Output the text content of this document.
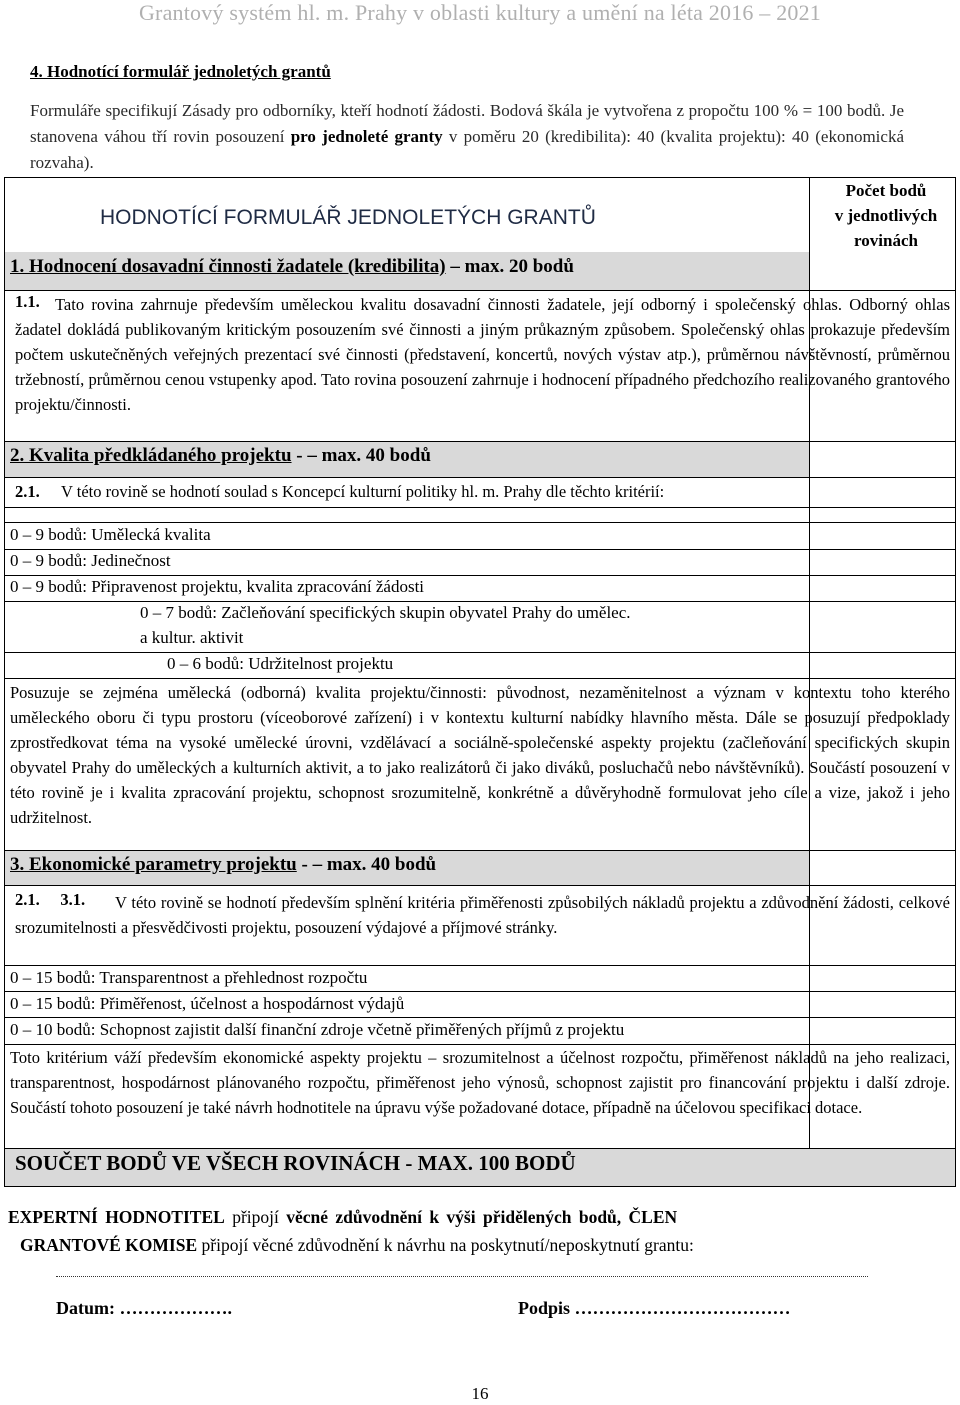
Grantový systém hl. m. Prahy v oblasti kultury a umění na léta 2016 – 2021
4. Hodnotící formulář jednoletých grantů
Formuláře specifikují Zásady pro odborníky, kteří hodnotí žádosti. Bodová škála je vytvořena z propočtu 100 % = 100 bodů. Je stanovena váhou tří rovin posouzení pro jednoleté granty v poměru 20 (kredibilita): 40 (kvalita projektu): 40 (ekonomická rozvaha).
HODNOTÍCÍ FORMULÁŘ JEDNOLETÝCH GRANTŮ
Počet bodů
v jednotlivých
rovinách
1. Hodnocení dosavadní činnosti žadatele (kredibilita) – max. 20 bodů
1.1. Tato rovina zahrnuje především uměleckou kvalitu dosavadní činnosti žadatele, její odborný i společenský ohlas. Odborný ohlas žadatel dokládá publikovaným kritickým posouzením své činnosti a jiným průkazným způsobem. Společenský ohlas prokazuje především počtem uskutečněných veřejných prezentací své činnosti (představení, koncertů, nových výstav atp.), průměrnou návštěvností, průměrnou tržebností, průměrnou cenou vstupenky apod. Tato rovina posouzení zahrnuje i hodnocení případného předchozího realizovaného grantového projektu/činnosti.
2. Kvalita předkládaného projektu - – max. 40 bodů
2.1. V této rovině se hodnotí soulad s Koncepcí kulturní politiky hl. m. Prahy dle těchto kritérií:
0 – 9 bodů: Umělecká kvalita
0 – 9 bodů: Jedinečnost
0 – 9 bodů: Připravenost projektu, kvalita zpracování žádosti
0 – 7 bodů: Začleňování specifických skupin obyvatel Prahy do umělec.
a kultur. aktivit
0 – 6 bodů: Udržitelnost projektu
Posuzuje se zejména umělecká (odborná) kvalita projektu/činnosti: původnost, nezaměnitelnost a význam v kontextu toho kterého uměleckého oboru či typu prostoru (víceoborové zařízení) i v kontextu kulturní nabídky hlavního města. Dále se posuzují předpoklady zprostředkovat téma na vysoké umělecké úrovni, vzdělávací a sociálně-společenské aspekty projektu (začleňování specifických skupin obyvatel Prahy do uměleckých a kulturních aktivit, a to jako realizátorů či jako diváků, posluchačů nebo návštěvníků). Součástí posouzení v této rovině je i kvalita zpracování projektu, schopnost srozumitelně, konkrétně a důvěryhodně formulovat jeho cíle a vize, jakož i jeho udržitelnost.
3. Ekonomické parametry projektu - – max. 40 bodů
2.1.     3.1.	V této rovině se hodnotí především splnění kritéria přiměřenosti způsobilých nákladů projektu a zdůvodnění žádosti, celkové srozumitelnosti a přesvědčivosti projektu, posouzení výdajové a příjmové stránky.
0 – 15 bodů: Transparentnost a přehlednost rozpočtu
0 – 15 bodů: Přiměřenost, účelnost a hospodárnost výdajů
0 – 10 bodů: Schopnost zajistit další finanční zdroje včetně přiměřených příjmů z projektu
Toto kritérium váží především ekonomické aspekty projektu – srozumitelnost a účelnost rozpočtu, přiměřenost nákladů na jeho realizaci, transparentnost, hospodárnost plánovaného rozpočtu, přiměřenost jeho výnosů, schopnost zajistit pro financování projektu i další zdroje. Součástí tohoto posouzení je také návrh hodnotitele na úpravu výše požadované dotace, případně na účelovou specifikaci dotace.
SOUČET BODŮ VE VŠECH ROVINÁCH - MAX. 100 BODŮ
EXPERTNÍ HODNOTITEL připojí věcné zdůvodnění k výši přidělených bodů, ČLEN
GRANTOVÉ KOMISE připojí věcné zdůvodnění k návrhu na poskytnutí/neposkytnutí grantu:
Datum: ……………….	Podpis ………………………………
16
